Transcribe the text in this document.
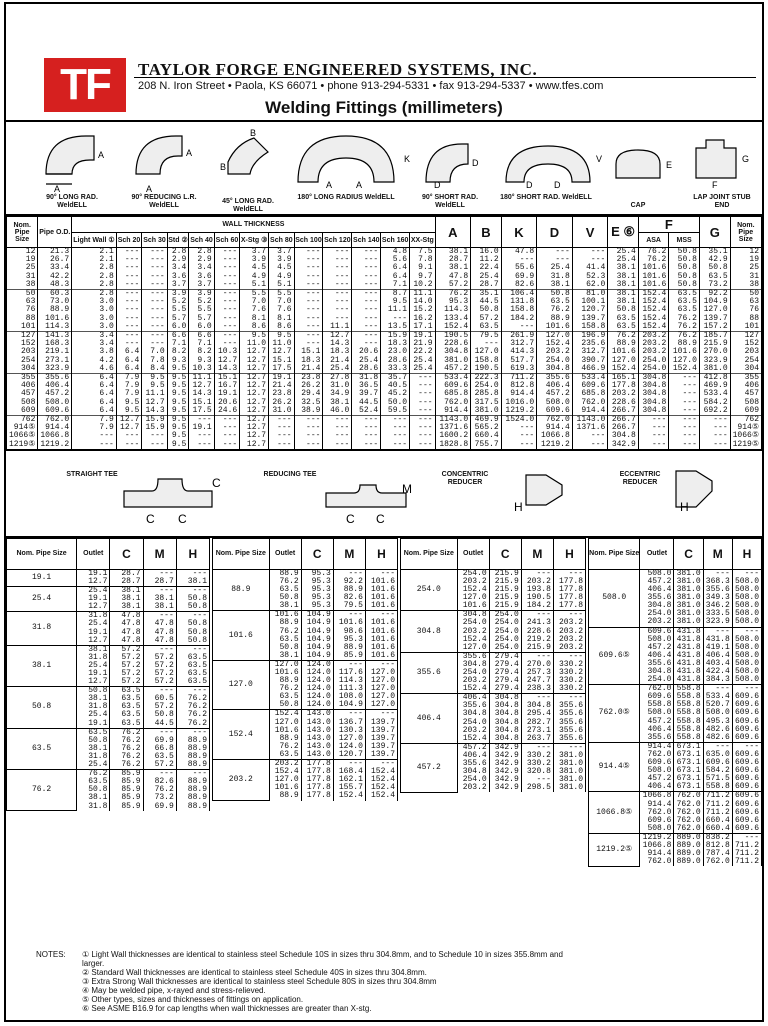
TF	TAYLOR FORGE ENGINEERED SYSTEMS, INC.
208 N. Iron Street • Paola, KS 66071 • phone 913-294-5331 • fax 913-294-5337 • www.tfes.com
Welding Fittings (millimeters)
A
A
A
A
B
B
K
A	A
D
D
V
D D
E
G
F
90° LONG RAD. WeldELL
90° REDUCING L.R. WeldELL
45° LONG RAD. WeldELL
180° LONG RADIUS WeldELL	90° SHORT RAD. WeldELL
180° SHORT RAD. WeldELL
CAP
LAP JOINT STUB END
Nom. Pipe Size	Pipe O.D.	WALL THICKNESS													A	B	K	D	V	E ⑥	F		G	Nom. Pipe Size
		Light Wall ①	Sch 20	Sch 30	Std ②	Sch 40	Sch 60	X-Stg ③	Sch 80	Sch 100	Sch 120	Sch 140	Sch 160	XX-Stg							ASA	MSS		
12	21.3	2.1	---	---	2.8	2.8	---	3.7	3.7	---	---	---	4.8	7.5	38.1	16.0	47.8	---	---	25.4	76.2	50.8	35.1	12
19	26.7	2.1	---	---	2.9	2.9	---	3.9	3.9	---	---	---	5.6	7.8	28.7	11.2	---	---	---	25.4	76.2	50.8	42.9	19
25	33.4	2.8	---	---	3.4	3.4	---	4.5	4.5	---	---	---	6.4	9.1	38.1	22.4	55.6	25.4	41.4	38.1	101.6	50.8	50.8	25
31	42.2	2.8	---	---	3.6	3.6	---	4.9	4.9	---	---	---	6.4	9.7	47.8	25.4	69.9	31.8	52.3	38.1	101.6	50.8	63.5	31
38	48.3	2.8	---	---	3.7	3.7	---	5.1	5.1	---	---	---	7.1	10.2	57.2	28.7	82.6	38.1	62.0	38.1	101.6	50.8	73.2	38
50	60.3	2.8	---	---	3.9	3.9	---	5.5	5.5	---	---	---	8.7	11.1	76.2	35.1	106.4	50.8	81.0	38.1	152.4	63.5	92.2	50
63	73.0	3.0	---	---	5.2	5.2	---	7.0	7.0	---	---	---	9.5	14.0	95.3	44.5	131.8	63.5	100.1	38.1	152.4	63.5	104.9	63
76	88.9	3.0	---	---	5.5	5.5	---	7.6	7.6	---	---	---	11.1	15.2	114.3	50.8	158.8	76.2	120.7	50.8	152.4	63.5	127.0	76
88	101.6	3.0	---	---	5.7	5.7	---	8.1	8.1	---	---	---	---	16.2	133.4	57.2	184.2	88.9	139.7	63.5	152.4	76.2	139.7	88
101	114.3	3.0	---	---	6.0	6.0	---	8.6	8.6	---	11.1	---	13.5	17.1	152.4	63.5	---	101.6	158.8	63.5	152.4	76.2	157.2	101
127	141.3	3.4	---	---	6.6	6.6	---	9.5	9.5	---	12.7	---	15.9	19.1	190.5	79.5	261.9	127.0	196.9	76.2	203.2	76.2	185.7	127
152	168.3	3.4	---	---	7.1	7.1	---	11.0	11.0	---	14.3	---	18.3	21.9	228.6	---	312.7	152.4	235.6	88.9	203.2	88.9	215.9	152
203	219.1	3.8	6.4	7.0	8.2	8.2	10.3	12.7	12.7	15.1	18.3	20.6	23.0	22.2	304.8	127.0	414.3	203.2	312.7	101.6	203.2	101.6	270.0	203
254	273.1	4.2	6.4	7.8	9.3	9.3	12.7	12.7	15.1	18.3	21.4	25.4	28.6	25.4	381.0	158.8	517.7	254.0	390.7	127.0	254.0	127.0	323.9	254
304	323.9	4.6	6.4	8.4	9.5	10.3	14.3	12.7	17.5	21.4	25.4	28.6	33.3	25.4	457.2	190.5	619.3	304.8	466.9	152.4	254.0	152.4	381.0	304
355	355.6	6.4	7.9	9.5	9.5	11.1	15.1	12.7	19.1	23.8	27.8	31.8	35.7	---	533.4	222.3	711.2	355.6	533.4	165.1	304.8	---	412.8	355
406	406.4	6.4	7.9	9.5	9.5	12.7	16.7	12.7	21.4	26.2	31.0	36.5	40.5	---	609.6	254.0	812.8	406.4	609.6	177.8	304.8	---	469.9	406
457	457.2	6.4	7.9	11.1	9.5	14.3	19.1	12.7	23.8	29.4	34.9	39.7	45.2	---	685.8	285.8	914.4	457.2	685.8	203.2	304.8	---	533.4	457
508	508.0	6.4	9.5	12.7	9.5	15.1	20.6	12.7	26.2	32.5	38.1	44.5	50.0	---	762.0	317.5	1016.0	508.0	762.0	228.6	304.8	---	584.2	508
609	609.6	6.4	9.5	14.3	9.5	17.5	24.6	12.7	31.0	38.9	46.0	52.4	59.5	---	914.4	381.0	1219.2	609.6	914.4	266.7	304.8	---	692.2	609
762	762.0	7.9	12.7	15.9	9.5	---	---	12.7	---	---	---	---	---	---	1143.0	469.9	1524.0	762.0	1143.0	266.7	---	---	---	762
914⑤	914.4	7.9	12.7	15.9	9.5	19.1	---	12.7	---	---	---	---	---	---	1371.6	565.2	---	914.4	1371.6	266.7	---	---	---	914⑤
1066⑤	1066.8	---	---	---	9.5	---	---	12.7	---	---	---	---	---	---	1600.2	660.4	---	1066.8	---	304.8	---	---	---	1066⑤
1219⑤	1219.2	---	---	---	9.5	---	---	12.7	---	---	---	---	---	---	1828.8	755.7	---	1219.2	---	342.9	---	---	---	1219⑤
C
C C
M
C C
H	H
STRAIGHT TEE	REDUCING TEE	CONCENTRIC REDUCER
ECCENTRIC REDUCER
Nom. Pipe Size	Outlet	C	M	H
19.1	19.1	28.7	---	---
	12.7	28.7	28.7	38.1
25.4	25.4	38.1	---	---
	19.1	38.1	38.1	50.8
	12.7	38.1	38.1	50.8
31.8	31.8	47.8	---	---
	25.4	47.8	47.8	50.8
	19.1	47.8	47.8	50.8
	12.7	47.8	47.8	50.8
38.1	38.1	57.2	---	---
	31.8	57.2	57.2	63.5
	25.4	57.2	57.2	63.5
	19.1	57.2	57.2	63.5
	12.7	57.2	57.2	63.5
50.8	50.8	63.5	---	---
	38.1	63.5	60.5	76.2
	31.8	63.5	57.2	76.2
	25.4	63.5	50.8	76.2
	19.1	63.5	44.5	76.2
63.5	63.5	76.2	---	---
	50.8	76.2	69.9	88.9
	38.1	76.2	66.8	88.9
	31.8	76.2	63.5	88.9
	25.4	76.2	57.2	88.9
76.2	76.2	85.9	---	---
	63.5	85.9	82.6	88.9
	50.8	85.9	76.2	88.9
	38.1	85.9	73.2	88.9
	31.8	85.9	69.9	88.9
Nom. Pipe Size	Outlet	C	M	H
88.9	88.9	95.3	---	---
	76.2	95.3	92.2	101.6
	63.5	95.3	88.9	101.6
	50.8	95.3	82.6	101.6
	38.1	95.3	79.5	101.6
101.6	101.6	104.9	---	---
	88.9	104.9	101.6	101.6
	76.2	104.9	98.6	101.6
	63.5	104.9	95.3	101.6
	50.8	104.9	88.9	101.6
	38.1	104.9	85.9	101.6
127.0	127.0	124.0	---	---
	101.6	124.0	117.6	127.0
	88.9	124.0	114.3	127.0
	76.2	124.0	111.3	127.0
	63.5	124.0	108.0	127.0
	50.8	124.0	104.9	127.0
152.4	152.4	143.0	---	---
	127.0	143.0	136.7	139.7
	101.6	143.0	130.3	139.7
	88.9	143.0	127.0	139.7
	76.2	143.0	124.0	139.7
	63.5	143.0	120.7	139.7
203.2	203.2	177.8	---	---
	152.4	177.8	168.4	152.4
	127.0	177.8	162.1	152.4
	101.6	177.8	155.7	152.4
	88.9	177.8	152.4	152.4
Nom. Pipe Size	Outlet	C	M	H
254.0	254.0	215.9	---	---
	203.2	215.9	203.2	177.8
	152.4	215.9	193.8	177.8
	127.0	215.9	190.5	177.8
	101.6	215.9	184.2	177.8
304.8	304.8	254.0	---	---
	254.0	254.0	241.3	203.2
	203.2	254.0	228.6	203.2
	152.4	254.0	219.2	203.2
	127.0	254.0	215.9	203.2
355.6	355.6	279.4	---	---
	304.8	279.4	270.0	330.2
	254.0	279.4	257.3	330.2
	203.2	279.4	247.7	330.2
	152.4	279.4	238.3	330.2
406.4	406.4	304.8	---	---
	355.6	304.8	304.8	355.6
	304.8	304.8	295.4	355.6
	254.0	304.8	282.7	355.6
	203.2	304.8	273.1	355.6
	152.4	304.8	263.7	355.6
457.2	457.2	342.9	---	---
	406.4	342.9	330.2	381.0
	355.6	342.9	330.2	381.0
	304.8	342.9	320.8	381.0
	254.0	342.9	---	381.0
	203.2	342.9	298.5	381.0
Nom. Pipe Size	Outlet	C	M	H
508.0	508.0	381.0	---	---
	457.2	381.0	368.3	508.0
	406.4	381.0	355.6	508.0
	355.6	381.0	349.3	508.0
	304.8	381.0	346.2	508.0
	254.0	381.0	333.5	508.0
	203.2	381.0	323.9	508.0
609.6⑤	609.6	431.8	---	---
	508.0	431.8	431.8	508.0
	457.2	431.8	419.1	508.0
	406.4	431.8	406.4	508.0
	355.6	431.8	403.4	508.0
	304.8	431.8	422.4	508.0
	254.0	431.8	384.3	508.0
762.0⑤	762.0	558.8	---	---
	609.6	558.8	533.4	609.6
	558.8	558.8	520.7	609.6
	508.0	558.8	508.0	609.6
	457.2	558.8	495.3	609.6
	406.4	558.8	482.6	609.6
	355.6	558.8	482.6	609.6
914.4⑤	914.4	673.1	---	---
	762.0	673.1	635.0	609.6
	609.6	673.1	609.6	609.6
	508.0	673.1	584.2	609.6
	457.2	673.1	571.5	609.6
	406.4	673.1	558.8	609.6
1066.8⑤	1066.8	762.0	711.2	609.6
	914.4	762.0	711.2	609.6
	762.0	762.0	711.2	609.6
	609.6	762.0	660.4	609.6
	508.0	762.0	660.4	609.6
1219.2⑤	1219.2	889.0	838.2	---
	1066.8	889.0	812.8	711.2
	914.4	889.0	787.4	711.2
	762.0	889.0	762.0	711.2
NOTES: ① Light Wall thicknesses are identical to stainless steel Schedule 10S in sizes thru 304.8mm, and to Schedule 10 in sizes 355.8mm and larger.
② Standard Wall thicknesses are identical to stainless steel Schedule 40S in sizes thru 304.8mm.
③ Extra Strong Wall thicknesses are identical to stainless steel Schedule 80S in sizes thru 304.8mm
④ May be welded pipe, x-rayed and stress-relieved.
⑤ Other types, sizes and thicknesses of fittings on application.
⑥ See ASME B16.9 for cap lengths when wall thicknesses are greater than X-stg.
